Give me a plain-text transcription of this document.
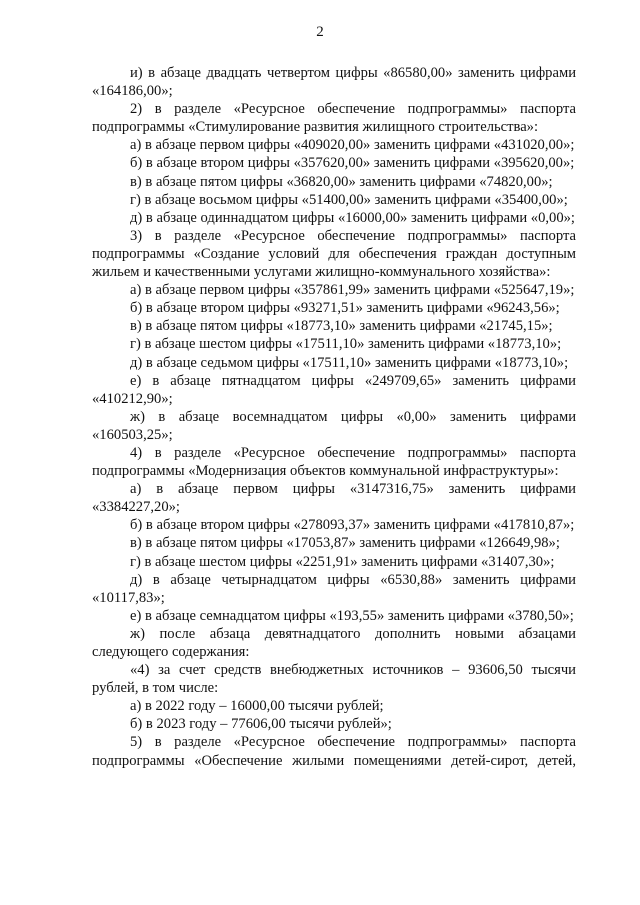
2

и) в абзаце двадцать четвертом цифры «86580,00» заменить цифрами «164186,00»;

2) в разделе «Ресурсное обеспечение подпрограммы» паспорта подпрограммы «Стимулирование развития жилищного строительства»:

а) в абзаце первом цифры «409020,00» заменить цифрами «431020,00»;

б) в абзаце втором цифры «357620,00» заменить цифрами «395620,00»;

в) в абзаце пятом цифры «36820,00» заменить цифрами «74820,00»;

г) в абзаце восьмом цифры «51400,00» заменить цифрами «35400,00»;

д) в абзаце одиннадцатом цифры «16000,00» заменить цифрами «0,00»;

3) в разделе «Ресурсное обеспечение подпрограммы» паспорта подпрограммы «Создание условий для обеспечения граждан доступным жильем и качественными услугами жилищно-коммунального хозяйства»:

а) в абзаце первом цифры «357861,99» заменить цифрами «525647,19»;

б) в абзаце втором цифры «93271,51» заменить цифрами «96243,56»;

в) в абзаце пятом цифры «18773,10» заменить цифрами «21745,15»;

г) в абзаце шестом цифры «17511,10» заменить цифрами «18773,10»;

д) в абзаце седьмом цифры «17511,10» заменить цифрами «18773,10»;

е) в абзаце пятнадцатом цифры «249709,65» заменить цифрами «410212,90»;

ж) в абзаце восемнадцатом цифры «0,00» заменить цифрами «160503,25»;

4) в разделе «Ресурсное обеспечение подпрограммы» паспорта подпрограммы «Модернизация объектов коммунальной инфраструктуры»:

а) в абзаце первом цифры «3147316,75» заменить цифрами «3384227,20»;

б) в абзаце втором цифры «278093,37» заменить цифрами «417810,87»;

в) в абзаце пятом цифры «17053,87» заменить цифрами «126649,98»;

г) в абзаце шестом цифры «2251,91» заменить цифрами «31407,30»;

д) в абзаце четырнадцатом цифры «6530,88» заменить цифрами «10117,83»;

е) в абзаце семнадцатом цифры «193,55» заменить цифрами «3780,50»;

ж) после абзаца девятнадцатого дополнить новыми абзацами следующего содержания:

«4) за счет средств внебюджетных источников – 93606,50 тысячи рублей, в том числе:

а) в 2022 году – 16000,00 тысячи рублей;

б) в 2023 году – 77606,00 тысячи рублей»;

5) в разделе «Ресурсное обеспечение подпрограммы» паспорта подпрограммы «Обеспечение жилыми помещениями детей-сирот, детей,
